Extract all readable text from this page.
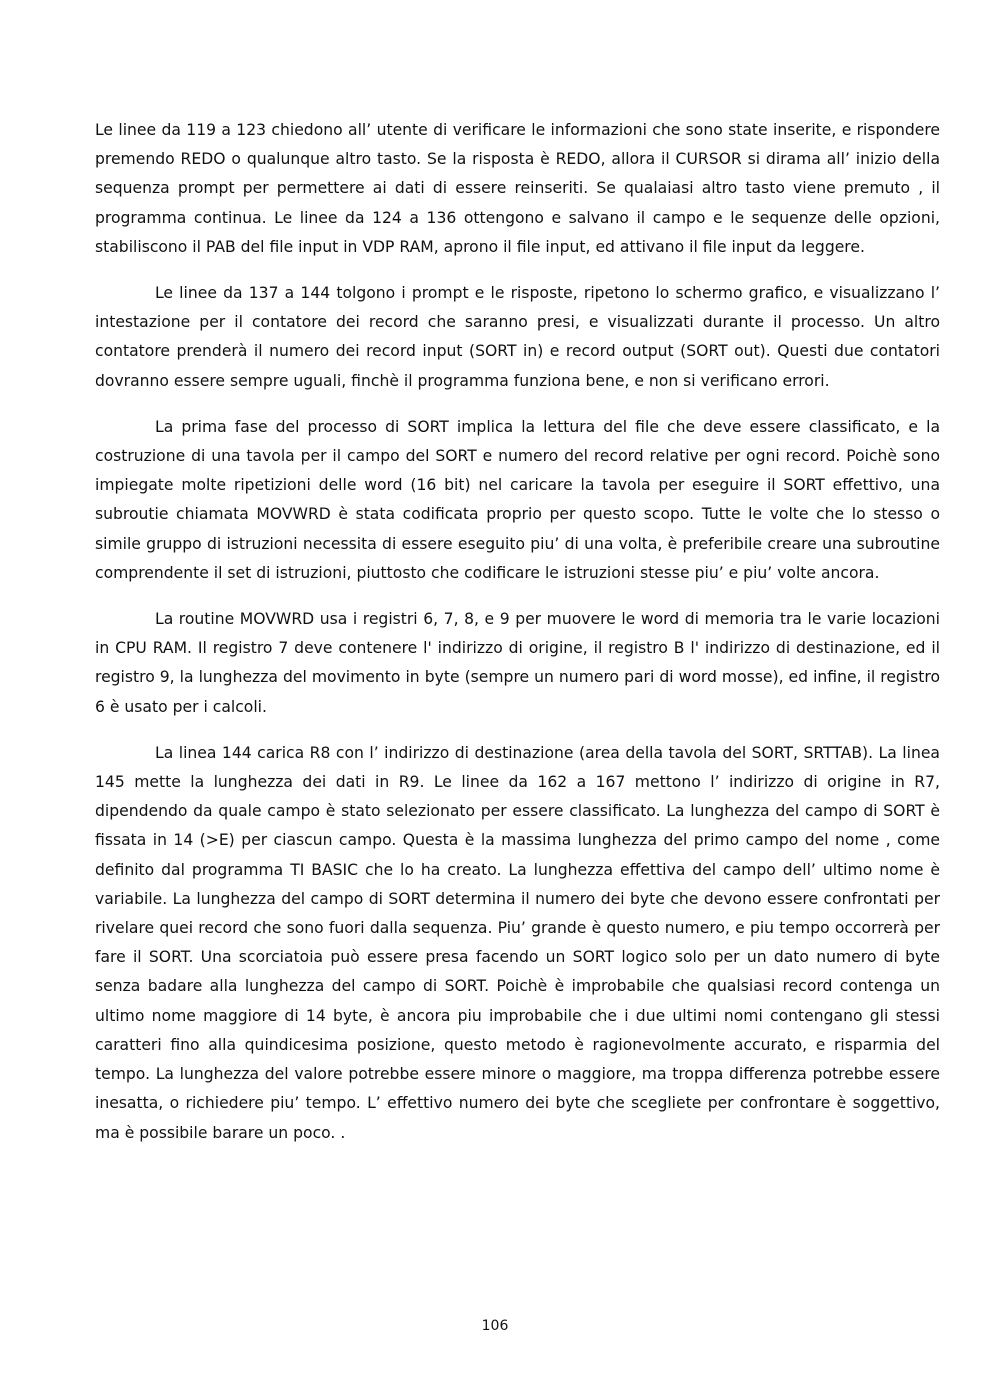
Le linee da 119 a 123 chiedono all’ utente di verificare le informazioni che sono state inserite, e rispondere premendo REDO o qualunque altro tasto. Se la risposta è REDO, allora il CURSOR si dirama all’ inizio della sequenza prompt per permettere ai dati di essere reinseriti. Se qualaiasi altro tasto viene premuto , il programma continua. Le linee da 124 a 136 ottengono e salvano il campo e le sequenze delle opzioni, stabiliscono il PAB del file input in VDP RAM, aprono il file input, ed attivano il file input da leggere.

Le linee da 137 a 144 tolgono i prompt e le risposte, ripetono lo schermo grafico, e visualizzano l’ intestazione per il contatore dei record che saranno presi, e visualizzati durante il processo. Un altro contatore prenderà il numero dei record input (SORT in) e record output (SORT out). Questi due contatori dovranno essere sempre uguali, finchè il programma funziona bene, e non si verificano errori.

La prima fase del processo di SORT implica la lettura del file che deve essere classificato, e la costruzione di una tavola per il campo del SORT e numero del record relative per ogni record. Poichè sono impiegate molte ripetizioni delle word (16 bit) nel caricare la tavola per eseguire il SORT effettivo, una subroutie chiamata MOVWRD è stata codificata proprio per questo scopo. Tutte le volte che lo stesso o simile gruppo di istruzioni necessita di essere eseguito piu’ di una volta, è preferibile creare una subroutine comprendente il set di istruzioni, piuttosto che codificare le istruzioni stesse piu’ e piu’ volte ancora.

La routine MOVWRD usa i registri 6, 7, 8, e 9 per muovere le word di memoria tra le varie locazioni in CPU RAM. Il registro 7 deve contenere l' indirizzo di origine, il registro B l' indirizzo di destinazione, ed il registro 9, la lunghezza del movimento in byte (sempre un numero pari di word mosse), ed infine, il registro 6 è usato per i calcoli.

La linea 144 carica R8 con l’ indirizzo di destinazione (area della tavola del SORT, SRTTAB). La linea 145 mette la lunghezza dei dati in R9. Le linee da 162 a 167 mettono l’ indirizzo di origine in R7, dipendendo da quale campo è stato selezionato per essere classificato. La lunghezza del campo di SORT è fissata in 14 (>E) per ciascun campo. Questa è la massima lunghezza del primo campo del nome , come definito dal programma TI BASIC che lo ha creato. La lunghezza effettiva del campo dell’ ultimo nome è variabile. La lunghezza del campo di SORT determina il numero dei byte che devono essere confrontati per rivelare quei record che sono fuori dalla sequenza. Piu’ grande è questo numero, e piu tempo occorrerà per fare il SORT. Una scorciatoia può essere presa facendo un SORT logico solo per un dato numero di byte senza badare alla lunghezza del campo di SORT. Poichè è improbabile che qualsiasi record contenga un ultimo nome maggiore di 14 byte, è ancora piu improbabile che i due ultimi nomi contengano gli stessi caratteri fino alla quindicesima posizione, questo metodo è ragionevolmente accurato, e risparmia del tempo. La lunghezza del valore potrebbe essere minore o maggiore, ma troppa differenza potrebbe essere inesatta, o richiedere piu’ tempo. L’ effettivo numero dei byte che scegliete per confrontare è soggettivo, ma è possibile barare un poco. .

106
